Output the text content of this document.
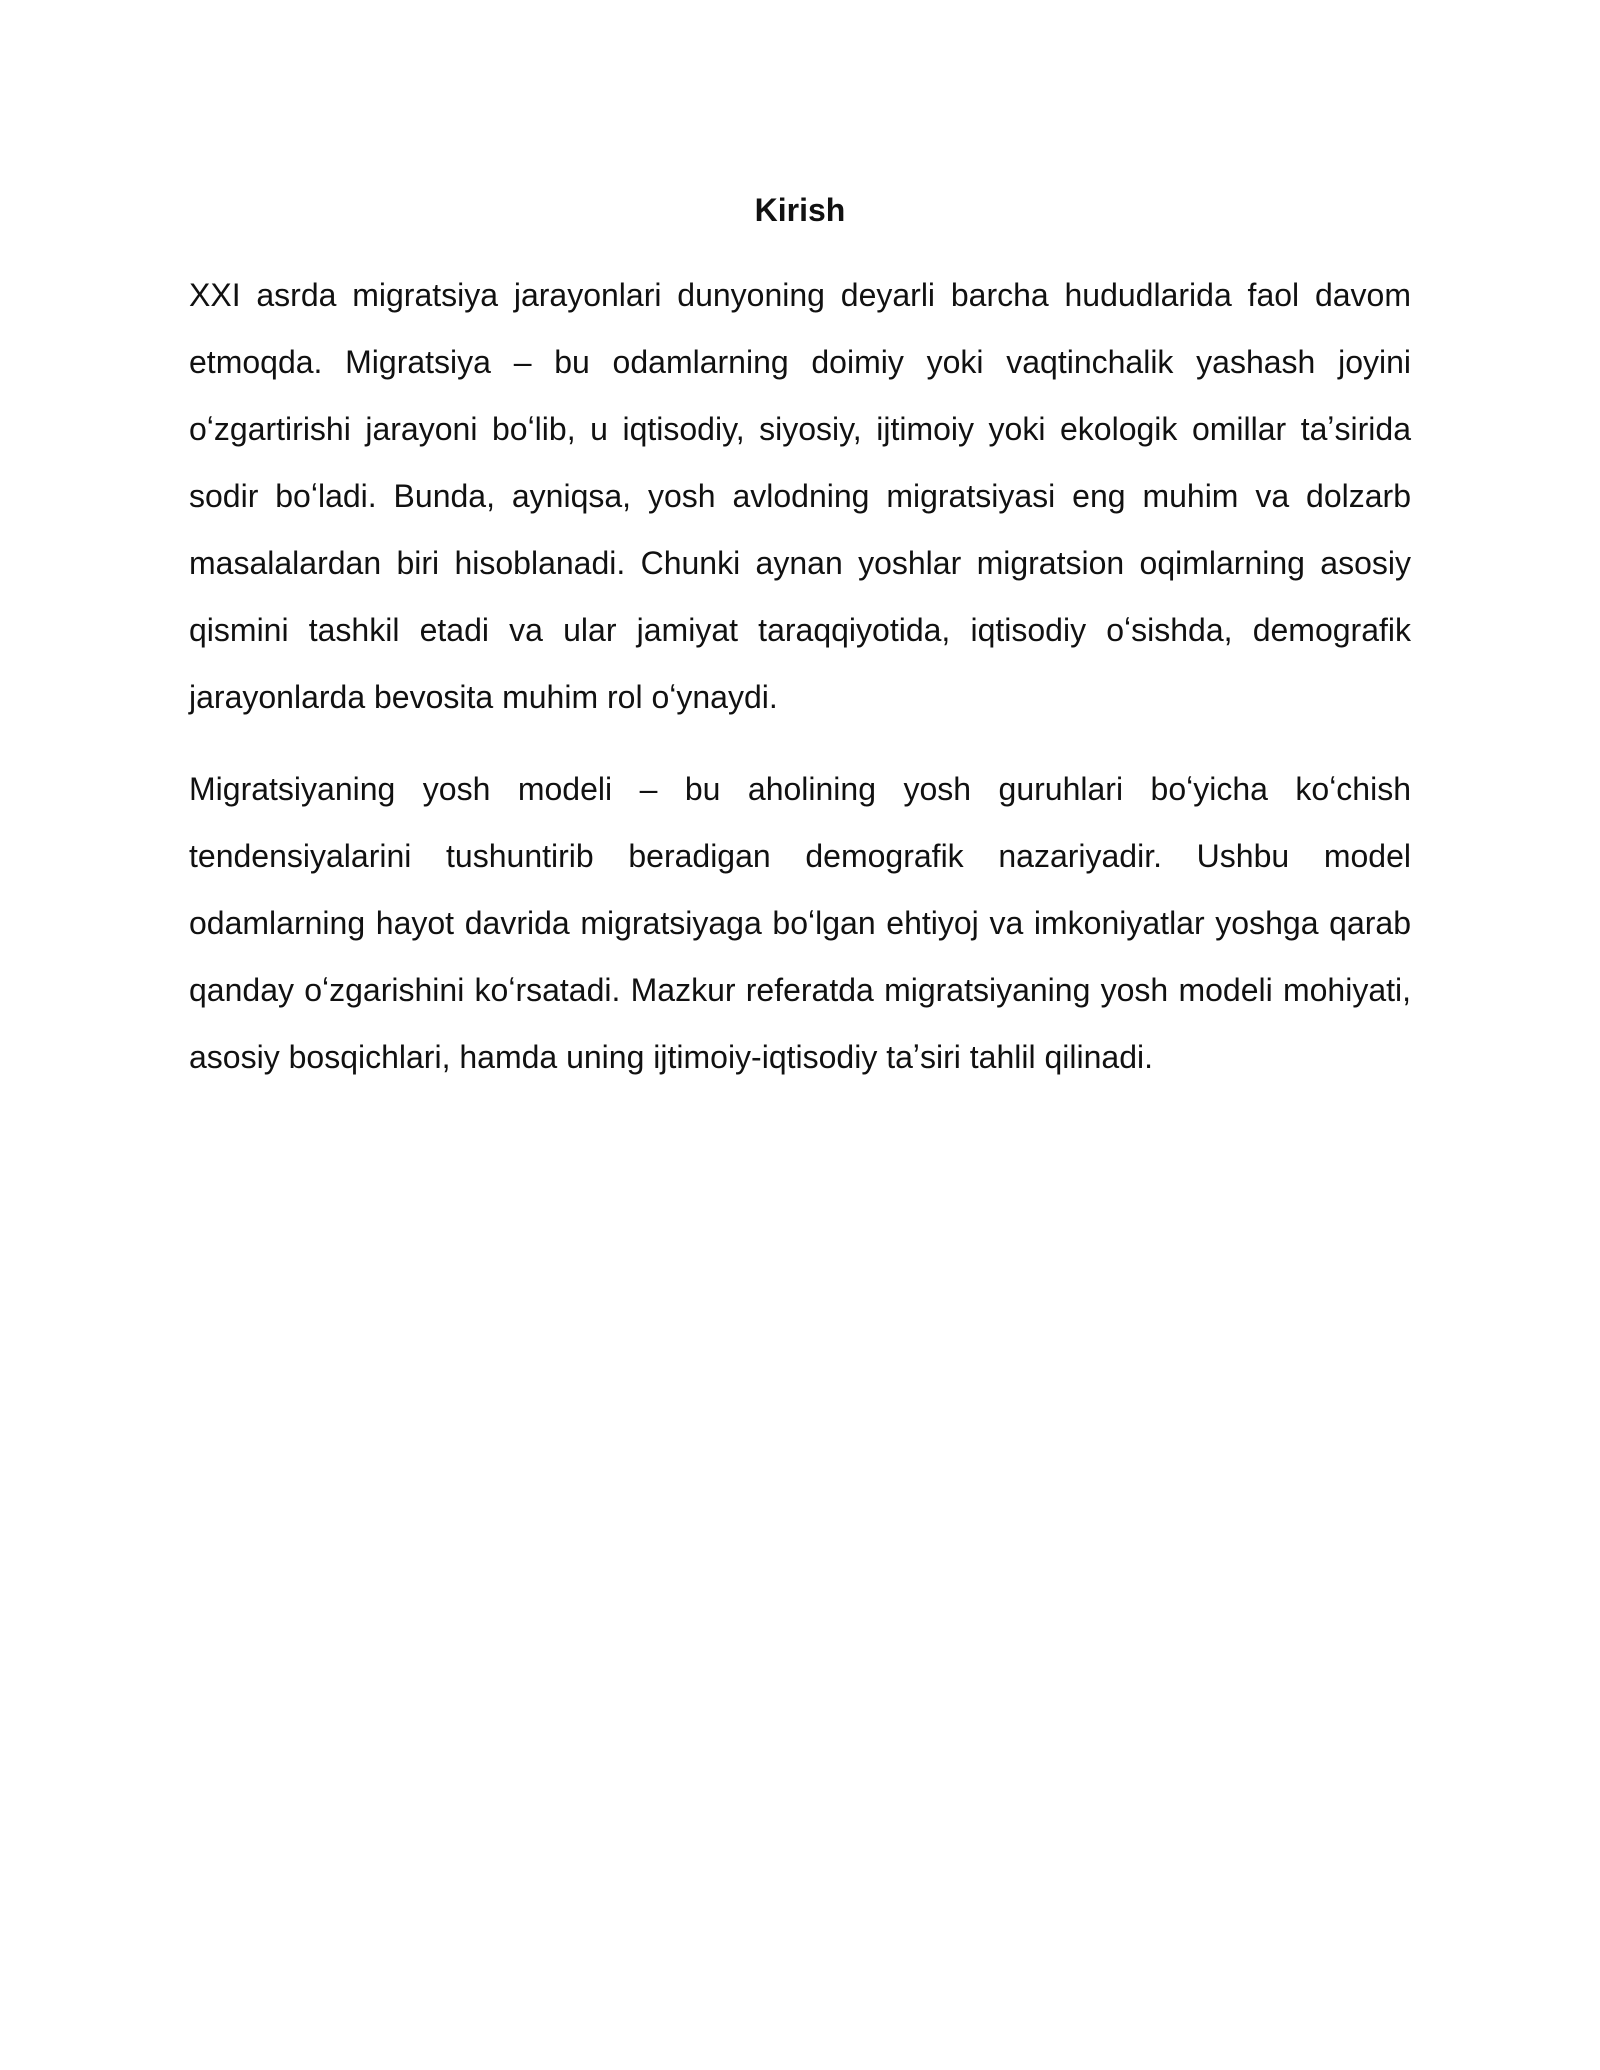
Kirish

XXI asrda migratsiya jarayonlari dunyoning deyarli barcha hududlarida faol davom etmoqda. Migratsiya – bu odamlarning doimiy yoki vaqtinchalik yashash joyini oʻzgartirishi jarayoni boʻlib, u iqtisodiy, siyosiy, ijtimoiy yoki ekologik omillar taʼsirida sodir boʻladi. Bunda, ayniqsa, yosh avlodning migratsiyasi eng muhim va dolzarb masalalardan biri hisoblanadi. Chunki aynan yoshlar migratsion oqimlarning asosiy qismini tashkil etadi va ular jamiyat taraqqiyotida, iqtisodiy oʻsishda, demografik jarayonlarda bevosita muhim rol oʻynaydi.

Migratsiyaning yosh modeli – bu aholining yosh guruhlari boʻyicha koʻchish tendensiyalarini tushuntirib beradigan demografik nazariyadir. Ushbu model odamlarning hayot davrida migratsiyaga boʻlgan ehtiyoj va imkoniyatlar yoshga qarab qanday oʻzgarishini koʻrsatadi. Mazkur referatda migratsiyaning yosh modeli mohiyati, asosiy bosqichlari, hamda uning ijtimoiy-iqtisodiy taʼsiri tahlil qilinadi.
